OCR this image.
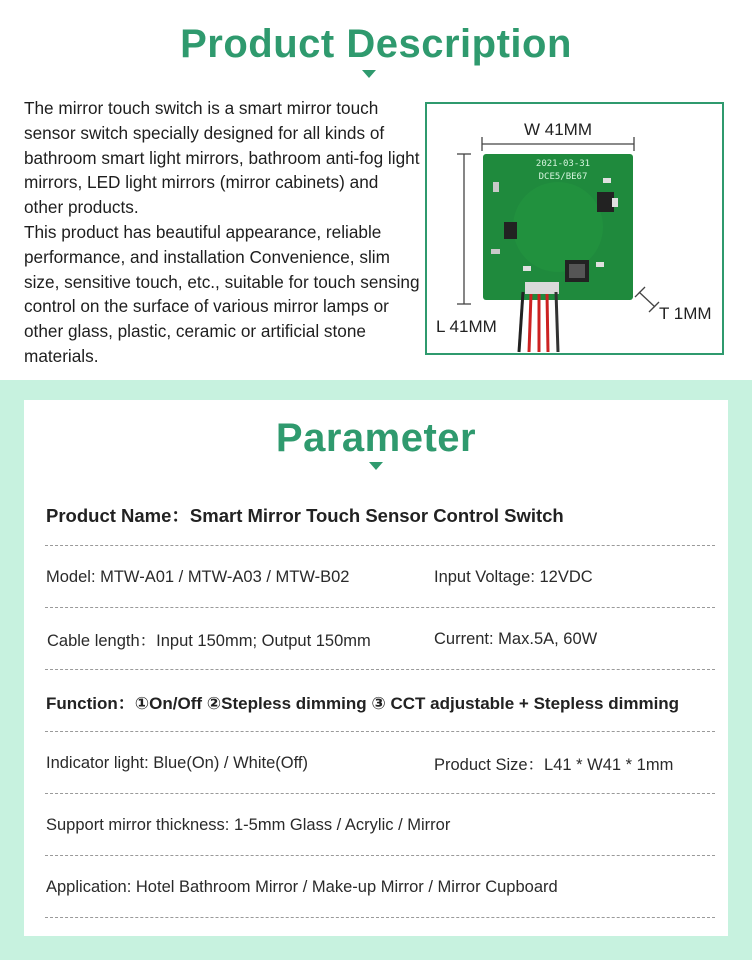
Product Description

The mirror touch switch is a smart mirror touch sensor switch specially designed for all kinds of bathroom smart light mirrors, bathroom anti-fog light mirrors, LED light mirrors (mirror cabinets) and other products.

This product has beautiful appearance, reliable performance, and installation Convenience, slim size, sensitive touch, etc., suitable for touch sensing control on the surface of various mirror lamps or other glass, plastic, ceramic or artificial stone materials.

W 41MM
L 41MM
T 1MM
2021-03-31
DCE5/BE67
Parameter
Product Name：Smart Mirror Touch Sensor Control Switch
Model: MTW-A01 / MTW-A03 / MTW-B02	Input Voltage: 12VDC
Cable length：Input 150mm; Output 150mm	Current: Max.5A, 60W
Function：①On/Off ②Stepless dimming ③ CCT adjustable + Stepless dimming
Indicator light: Blue(On) / White(Off)	Product Size：L41 * W41 * 1mm
Support mirror thickness: 1-5mm Glass / Acrylic / Mirror
Application: Hotel Bathroom Mirror / Make-up Mirror / Mirror Cupboard
